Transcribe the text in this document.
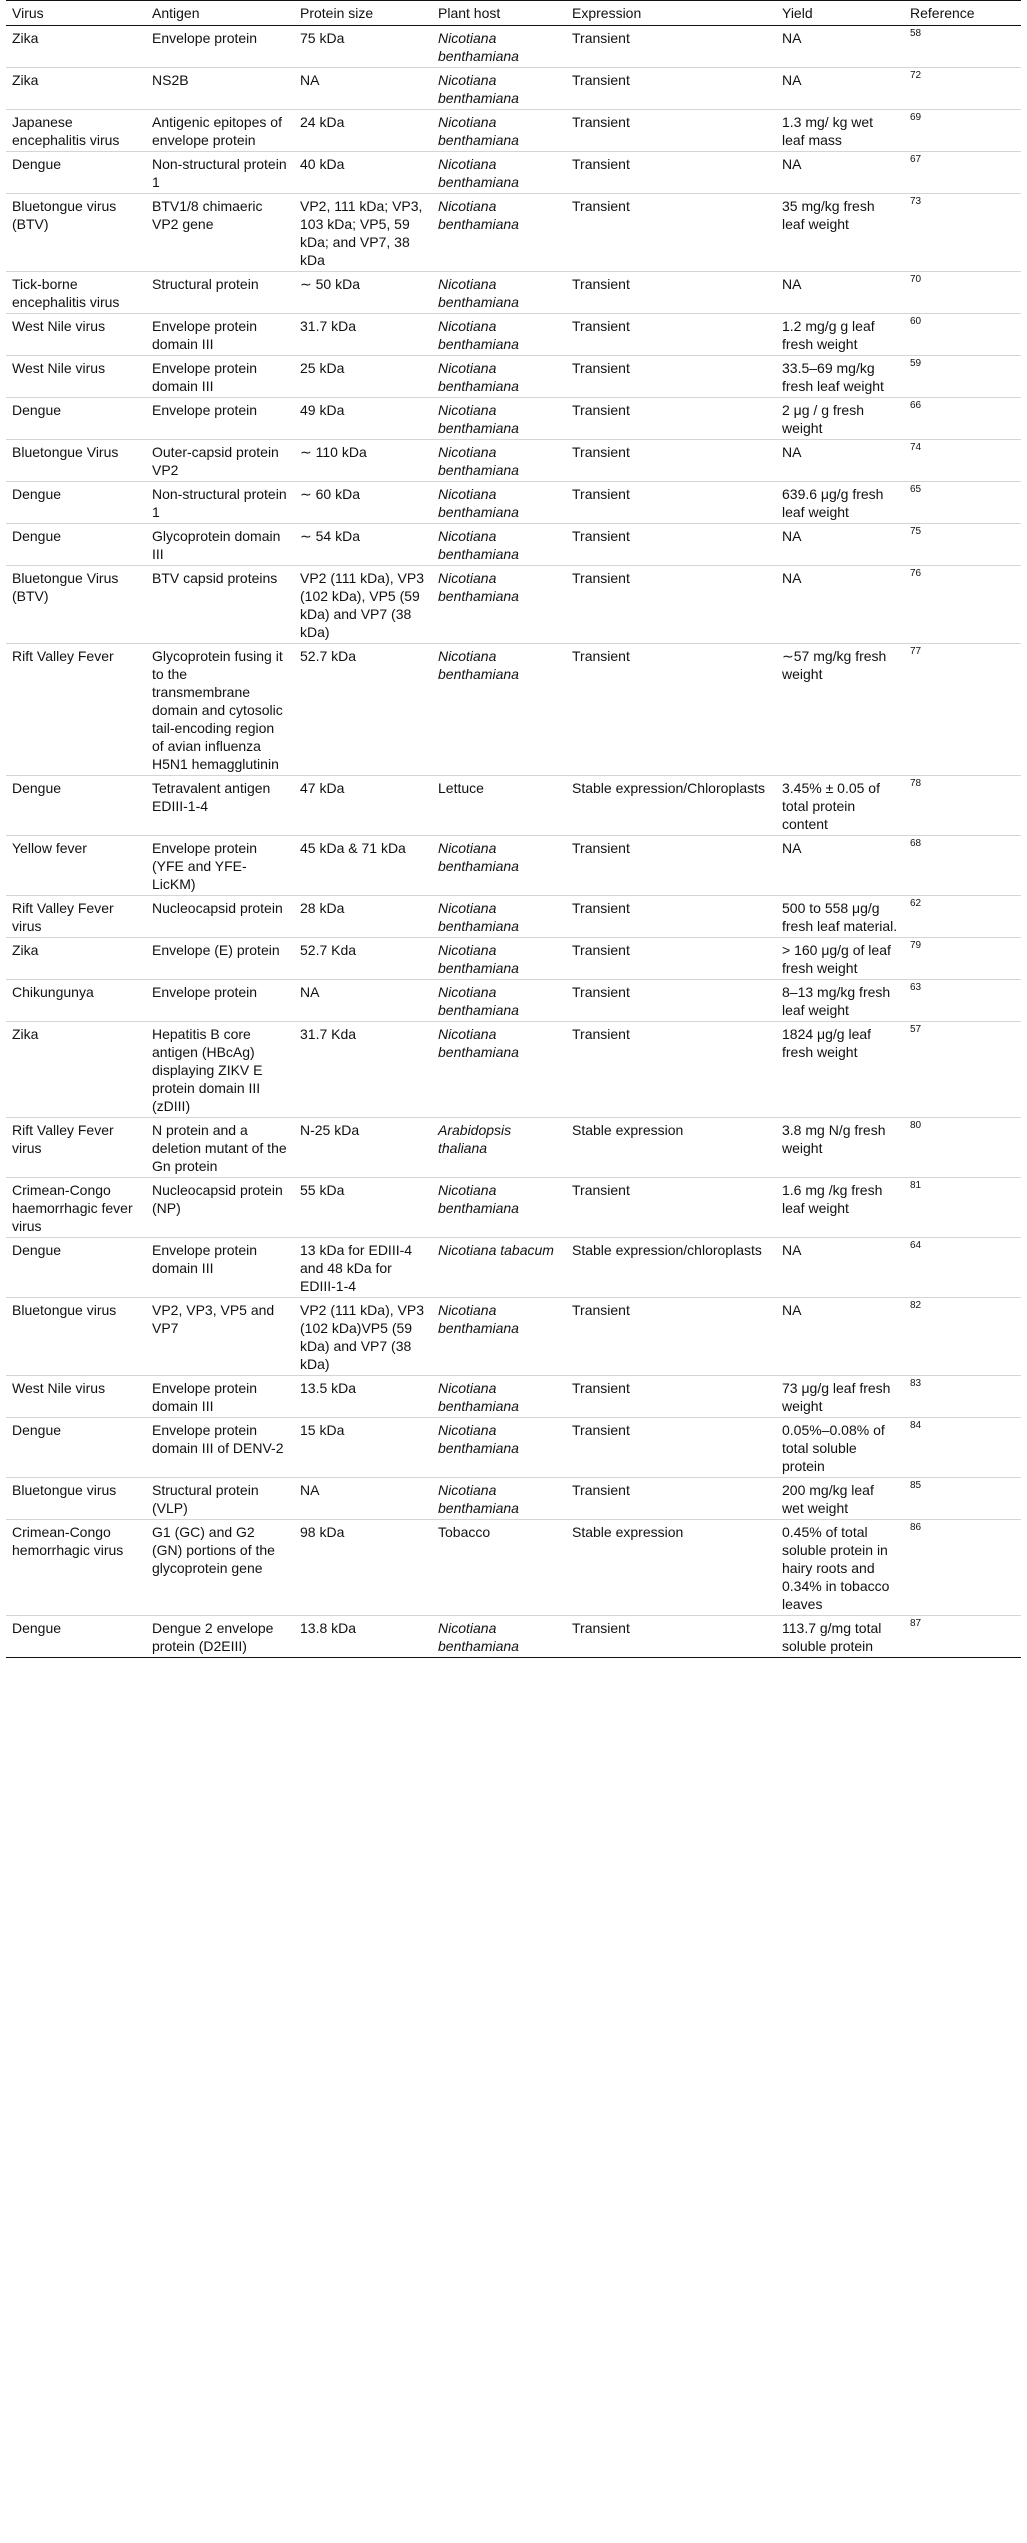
Virus	Antigen	Protein size	Plant host	Expression	Yield	Reference
Zika	Envelope protein	75 kDa	Nicotiana benthamiana	Transient	NA	58
Zika	NS2B	NA	Nicotiana benthamiana	Transient	NA	72
Japanese encephalitis virus	Antigenic epitopes of envelope protein	24 kDa	Nicotiana benthamiana	Transient	1.3 mg/ kg wet leaf mass	69
Dengue	Non-structural protein 1	40 kDa	Nicotiana benthamiana	Transient	NA	67
Bluetongue virus (BTV)	BTV1/8 chimaeric VP2 gene	VP2, 111 kDa; VP3, 103 kDa; VP5, 59 kDa; and VP7, 38 kDa	Nicotiana benthamiana	Transient	35 mg/kg fresh leaf weight	73
Tick-borne encephalitis virus	Structural protein	∼ 50 kDa	Nicotiana benthamiana	Transient	NA	70
West Nile virus	Envelope protein domain III	31.7 kDa	Nicotiana benthamiana	Transient	1.2 mg/g g leaf fresh weight	60
West Nile virus	Envelope protein domain III	25 kDa	Nicotiana benthamiana	Transient	33.5–69 mg/kg fresh leaf weight	59
Dengue	Envelope protein	49 kDa	Nicotiana benthamiana	Transient	2 μg / g fresh weight	66
Bluetongue Virus	Outer-capsid protein VP2	∼ 110 kDa	Nicotiana benthamiana	Transient	NA	74
Dengue	Non-structural protein 1	∼ 60 kDa	Nicotiana benthamiana	Transient	639.6 μg/g fresh leaf weight	65
Dengue	Glycoprotein domain III	∼ 54 kDa	Nicotiana benthamiana	Transient	NA	75
Bluetongue Virus (BTV)	BTV capsid proteins	VP2 (111 kDa), VP3 (102 kDa), VP5 (59 kDa) and VP7 (38 kDa)	Nicotiana benthamiana	Transient	NA	76
Rift Valley Fever	Glycoprotein fusing it to the transmembrane domain and cytosolic tail-encoding region of avian influenza H5N1 hemagglutinin	52.7 kDa	Nicotiana benthamiana	Transient	∼57 mg/kg fresh weight	77
Dengue	Tetravalent antigen EDIII-1-4	47 kDa	Lettuce	Stable expression/Chloroplasts	3.45% ± 0.05 of total protein content	78
Yellow fever	Envelope protein (YFE and YFE-LicKM)	45 kDa & 71 kDa	Nicotiana benthamiana	Transient	NA	68
Rift Valley Fever virus	Nucleocapsid protein	28 kDa	Nicotiana benthamiana	Transient	500 to 558 μg/g fresh leaf material.	62
Zika	Envelope (E) protein	52.7 Kda	Nicotiana benthamiana	Transient	> 160 μg/g of leaf fresh weight	79
Chikungunya	Envelope protein	NA	Nicotiana benthamiana	Transient	8–13 mg/kg fresh leaf weight	63
Zika	Hepatitis B core antigen (HBcAg) displaying ZIKV E protein domain III (zDIII)	31.7 Kda	Nicotiana benthamiana	Transient	1824 μg/g leaf fresh weight	57
Rift Valley Fever virus	N protein and a deletion mutant of the Gn protein	N-25 kDa	Arabidopsis thaliana	Stable expression	3.8 mg N/g fresh weight	80
Crimean-Congo haemorrhagic fever virus	Nucleocapsid protein (NP)	55 kDa	Nicotiana benthamiana	Transient	1.6 mg /kg fresh leaf weight	81
Dengue	Envelope protein domain III	13 kDa for EDIII-4 and 48 kDa for EDIII-1-4	Nicotiana tabacum	Stable expression/chloroplasts	NA	64
Bluetongue virus	VP2, VP3, VP5 and VP7	VP2 (111 kDa), VP3 (102 kDa)VP5 (59 kDa) and VP7 (38 kDa)	Nicotiana benthamiana	Transient	NA	82
West Nile virus	Envelope protein domain III	13.5 kDa	Nicotiana benthamiana	Transient	73 μg/g leaf fresh weight	83
Dengue	Envelope protein domain III of DENV-2	15 kDa	Nicotiana benthamiana	Transient	0.05%–0.08% of total soluble protein	84
Bluetongue virus	Structural protein (VLP)	NA	Nicotiana benthamiana	Transient	200 mg/kg leaf wet weight	85
Crimean-Congo hemorrhagic virus	G1 (GC) and G2 (GN) portions of the glycoprotein gene	98 kDa	Tobacco	Stable expression	0.45% of total soluble protein in hairy roots and 0.34% in tobacco leaves	86
Dengue	Dengue 2 envelope protein (D2EIII)	13.8 kDa	Nicotiana benthamiana	Transient	113.7 g/mg total soluble protein	87
